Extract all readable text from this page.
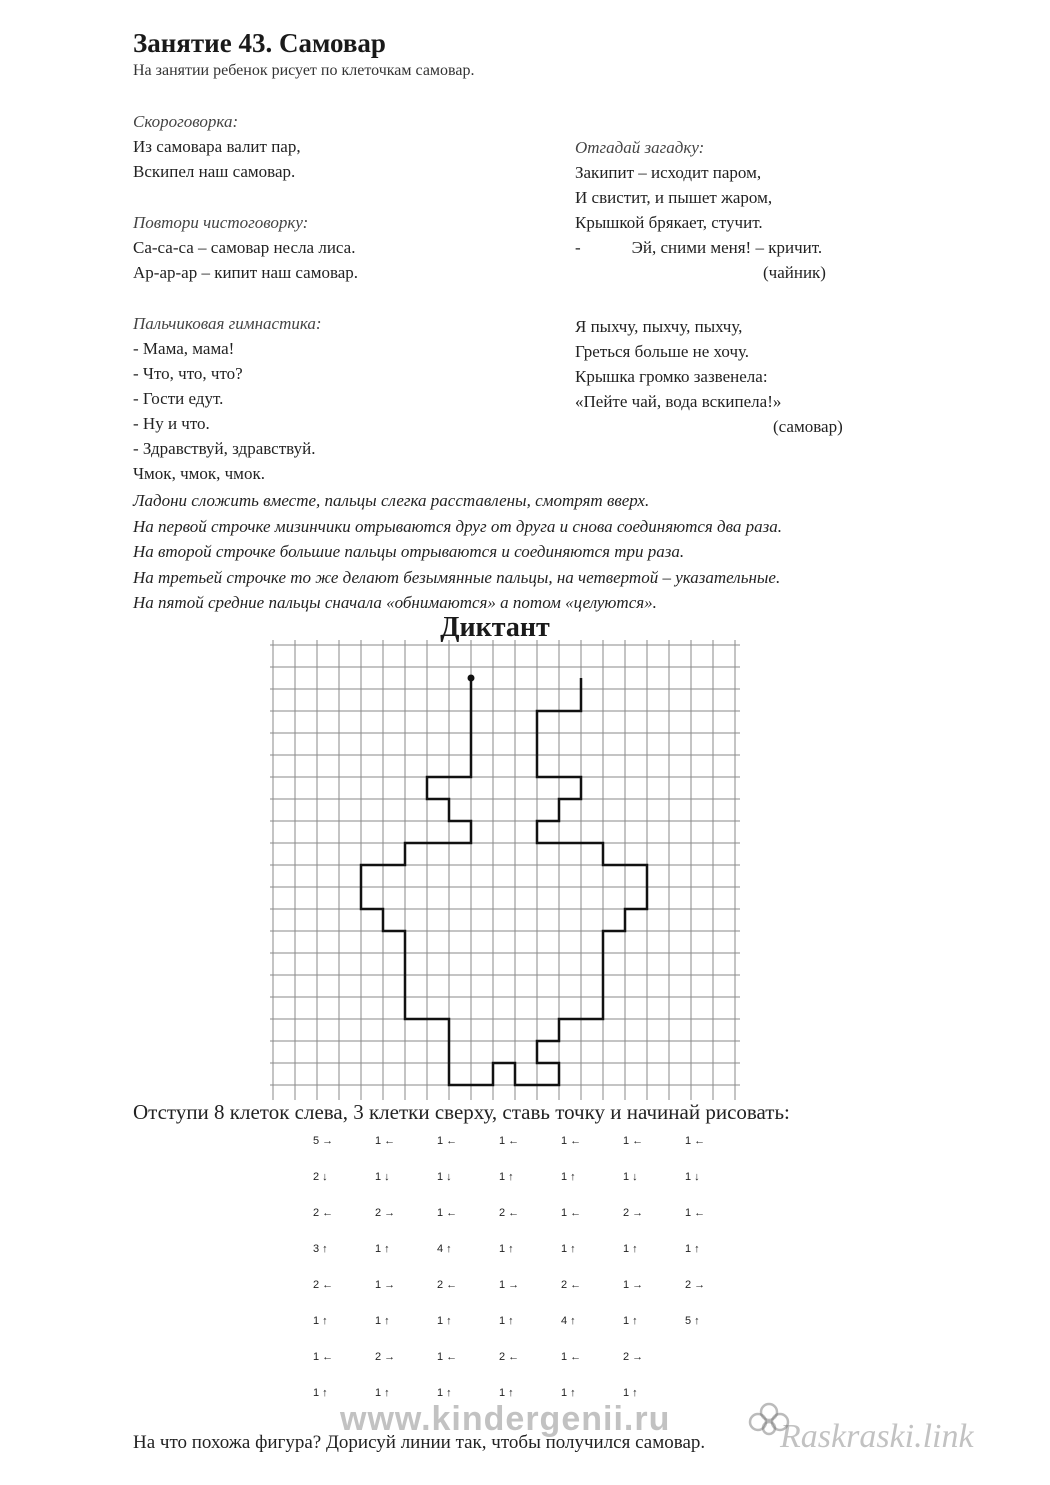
Занятие 43. Самовар
На занятии ребенок рисует по клеточкам самовар.
Скороговорка:
Из самовара валит пар,
Вскипел наш самовар.
Повтори чистоговорку:
Са-са-са – самовар несла лиса.
Ар-ар-ар – кипит наш самовар.
Пальчиковая гимнастика:
- Мама, мама!
- Что, что, что?
- Гости едут.
- Ну и что.
- Здравствуй, здравствуй.
Чмок, чмок, чмок.
Отгадай загадку:
Закипит – исходит паром,
И свистит, и пышет жаром,
Крышкой брякает, стучит.
-            Эй, сними меня! – кричит.
(чайник)
Я пыхчу, пыхчу, пыхчу,
Греться больше не хочу.
Крышка громко зазвенела:
«Пейте чай, вода вскипела!»
(самовар)
Ладони сложить вместе, пальцы слегка расставлены, смотрят вверх.
На первой строчке мизинчики отрываются друг от друга и снова соединяются два раза.
На второй строчке большие пальцы отрываются и соединяются три раза.
На третьей строчке то же делают безымянные пальцы, на четвертой – указательные.
На пятой средние пальцы сначала «обнимаются» а потом «целуются».
Диктант
Отступи 8 клеток слева, 3 клетки сверху, ставь точку и начинай рисовать:
5 →	1 ←	1 ←	1 ←	1 ←	1 ←	1 ←
2 ↓	1 ↓	1 ↓	1 ↑	1 ↑	1 ↓	1 ↓
2 ←	2 →	1 ←	2 ←	1 ←	2 →	1 ←
3 ↑	1 ↑	4 ↑	1 ↑	1 ↑	1 ↑	1 ↑
2 ←	1 →	2 ←	1 →	2 ←	1 →	2 →
1 ↑	1 ↑	1 ↑	1 ↑	4 ↑	1 ↑	5 ↑
1 ←	2 →	1 ←	2 ←	1 ←	2 →
1 ↑	1 ↑	1 ↑	1 ↑	1 ↑	1 ↑
www.kindergenii.ru	Raskraski.link
На что похожа фигура? Дорисуй линии так, чтобы получился самовар.
